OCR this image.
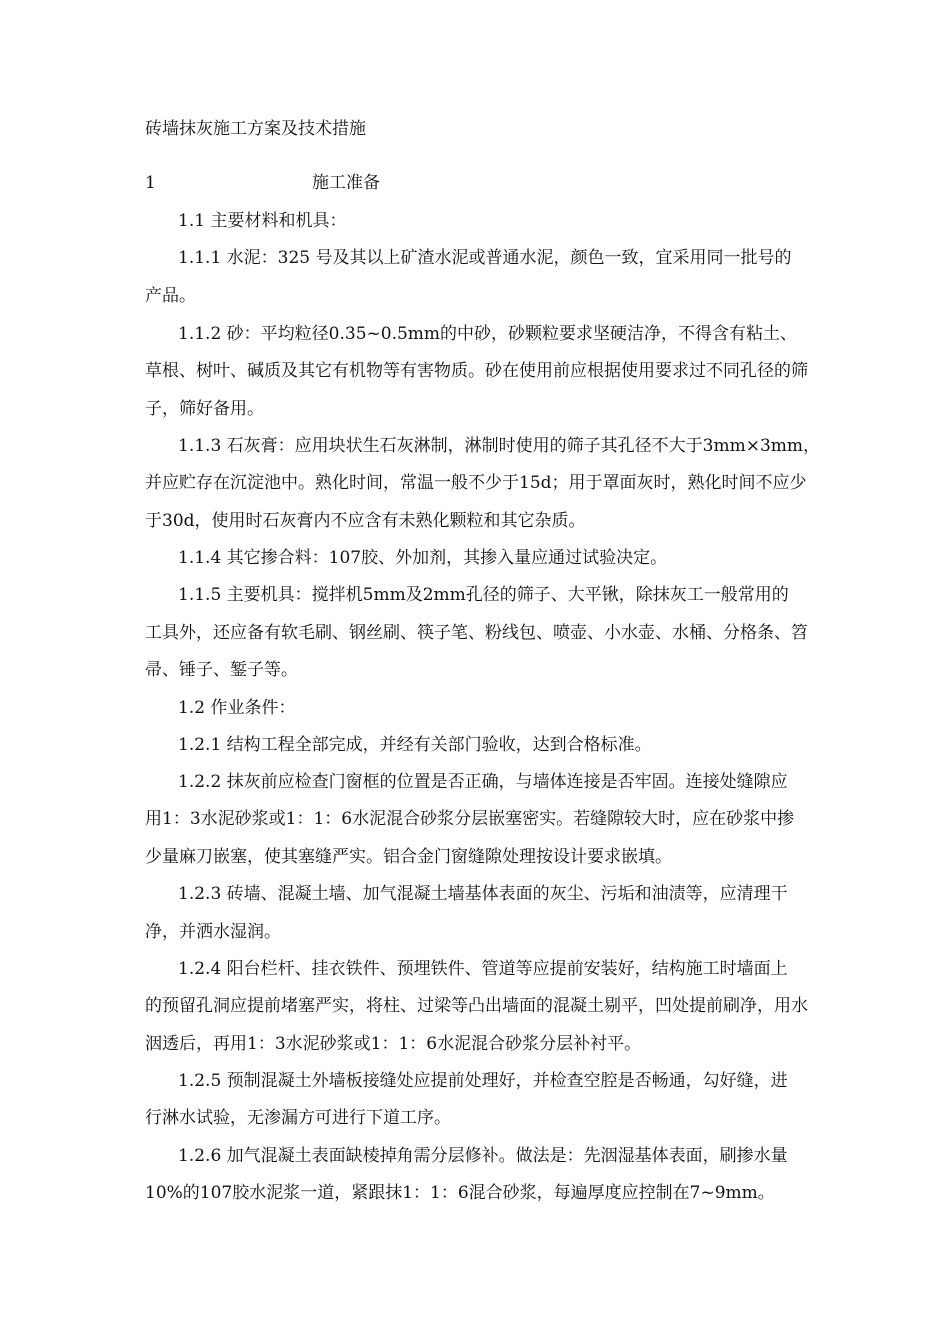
砖墙抹灰施工方案及技术措施
1	施工准备
1.1 主要材料和机具：
1.1.1 水泥：325 号及其以上矿渣水泥或普通水泥，颜色一致，宜采用同一批号的
产品。
1.1.2 砂：平均粒径0.35~0.5mm的中砂，砂颗粒要求坚硬洁净，不得含有粘土、
草根、树叶、碱质及其它有机物等有害物质。砂在使用前应根据使用要求过不同孔径的筛
子，筛好备用。
1.1.3 石灰膏：应用块状生石灰淋制，淋制时使用的筛子其孔径不大于3mm×3mm，
并应贮存在沉淀池中。熟化时间，常温一般不少于15d；用于罩面灰时，熟化时间不应少
于30d，使用时石灰膏内不应含有未熟化颗粒和其它杂质。
1.1.4 其它掺合料：107胶、外加剂，其掺入量应通过试验决定。
1.1.5 主要机具：搅拌机5mm及2mm孔径的筛子、大平锹，除抹灰工一般常用的
工具外，还应备有软毛刷、钢丝刷、筷子笔、粉线包、喷壶、小水壶、水桶、分格条、笤
帚、锤子、錾子等。
1.2 作业条件：
1.2.1 结构工程全部完成，并经有关部门验收，达到合格标准。
1.2.2 抹灰前应检查门窗框的位置是否正确，与墙体连接是否牢固。连接处缝隙应
用1：3水泥砂浆或1：1：6水泥混合砂浆分层嵌塞密实。若缝隙较大时，应在砂浆中掺
少量麻刀嵌塞，使其塞缝严实。铝合金门窗缝隙处理按设计要求嵌填。
1.2.3 砖墙、混凝土墙、加气混凝土墙基体表面的灰尘、污垢和油渍等，应清理干
净，并洒水湿润。
1.2.4 阳台栏杆、挂衣铁件、预埋铁件、管道等应提前安装好，结构施工时墙面上
的预留孔洞应提前堵塞严实，将柱、过梁等凸出墙面的混凝土剔平，凹处提前刷净，用水
洇透后，再用1：3水泥砂浆或1：1：6水泥混合砂浆分层补衬平。
1.2.5 预制混凝土外墙板接缝处应提前处理好，并检查空腔是否畅通，勾好缝，进
行淋水试验，无渗漏方可进行下道工序。
1.2.6 加气混凝土表面缺棱掉角需分层修补。做法是：先洇湿基体表面，刷掺水量
10%的107胶水泥浆一道，紧跟抹1：1：6混合砂浆，每遍厚度应控制在7~9mm。
